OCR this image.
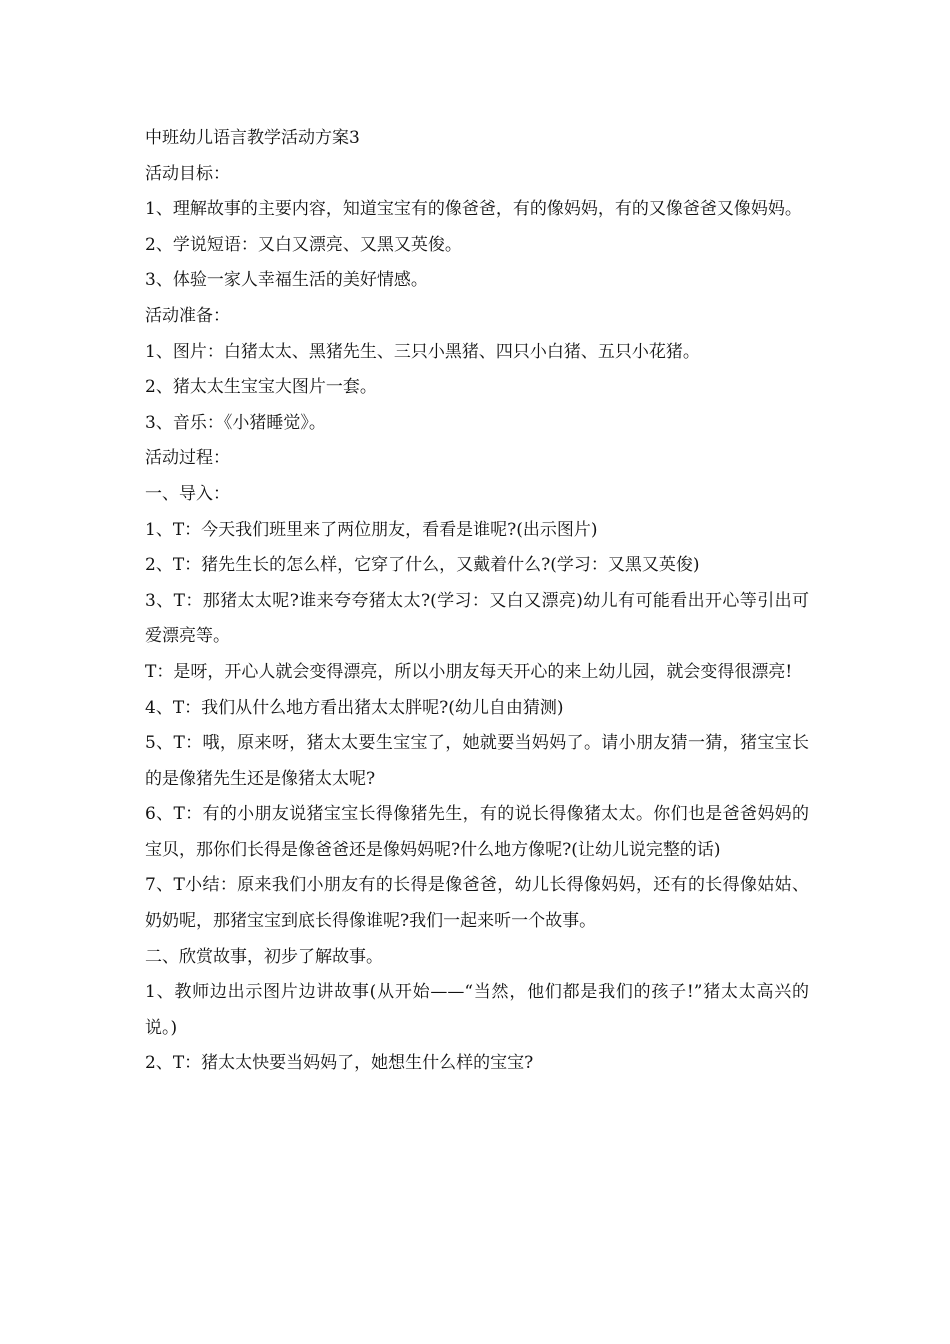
中班幼儿语言教学活动方案3

活动目标：

1、理解故事的主要内容，知道宝宝有的像爸爸，有的像妈妈，有的又像爸爸又像妈妈。

2、学说短语：又白又漂亮、又黑又英俊。

3、体验一家人幸福生活的美好情感。

活动准备：

1、图片：白猪太太、黑猪先生、三只小黑猪、四只小白猪、五只小花猪。

2、猪太太生宝宝大图片一套。

3、音乐：《小猪睡觉》。

活动过程：

一、导入：

1、T：今天我们班里来了两位朋友，看看是谁呢?(出示图片)

2、T：猪先生长的怎么样，它穿了什么，又戴着什么?(学习：又黑又英俊)

3、T：那猪太太呢?谁来夸夸猪太太?(学习：又白又漂亮)幼儿有可能看出开心等引出可爱漂亮等。

T：是呀，开心人就会变得漂亮，所以小朋友每天开心的来上幼儿园，就会变得很漂亮!

4、T：我们从什么地方看出猪太太胖呢?(幼儿自由猜测)

5、T：哦，原来呀，猪太太要生宝宝了，她就要当妈妈了。请小朋友猜一猜，猪宝宝长的是像猪先生还是像猪太太呢?

6、T：有的小朋友说猪宝宝长得像猪先生，有的说长得像猪太太。你们也是爸爸妈妈的宝贝，那你们长得是像爸爸还是像妈妈呢?什么地方像呢?(让幼儿说完整的话)

7、T小结：原来我们小朋友有的长得是像爸爸，幼儿长得像妈妈，还有的长得像姑姑、奶奶呢，那猪宝宝到底长得像谁呢?我们一起来听一个故事。

二、欣赏故事，初步了解故事。

1、教师边出示图片边讲故事(从开始——“当然，他们都是我们的孩子!”猪太太高兴的说。)

2、T：猪太太快要当妈妈了，她想生什么样的宝宝?
